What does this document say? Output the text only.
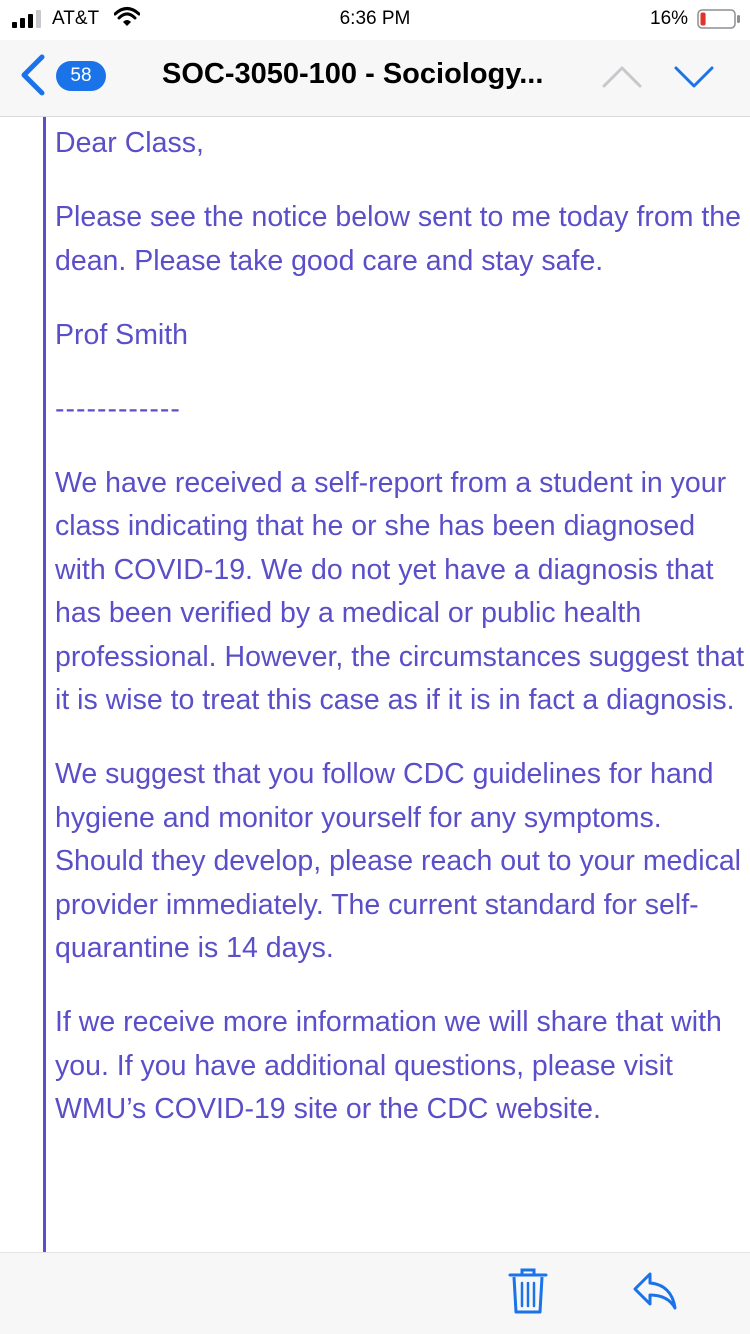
AT&T	6:36 PM	16%
58	SOC-3050-100 - Sociology...

Dear Class,

Please see the notice below sent to me today from the dean. Please take good care and stay safe.

Prof Smith

------------

We have received a self-report from a student in your class indicating that he or she has been diagnosed with COVID-19. We do not yet have a diagnosis that has been verified by a medical or public health professional. However, the circumstances suggest that it is wise to treat this case as if it is in fact a diagnosis.

We suggest that you follow CDC guidelines for hand hygiene and monitor yourself for any symptoms. Should they develop, please reach out to your medical provider immediately. The current standard for self-quarantine is 14 days.

If we receive more information we will share that with you. If you have additional questions, please visit WMU’s COVID-19 site or the CDC website.
